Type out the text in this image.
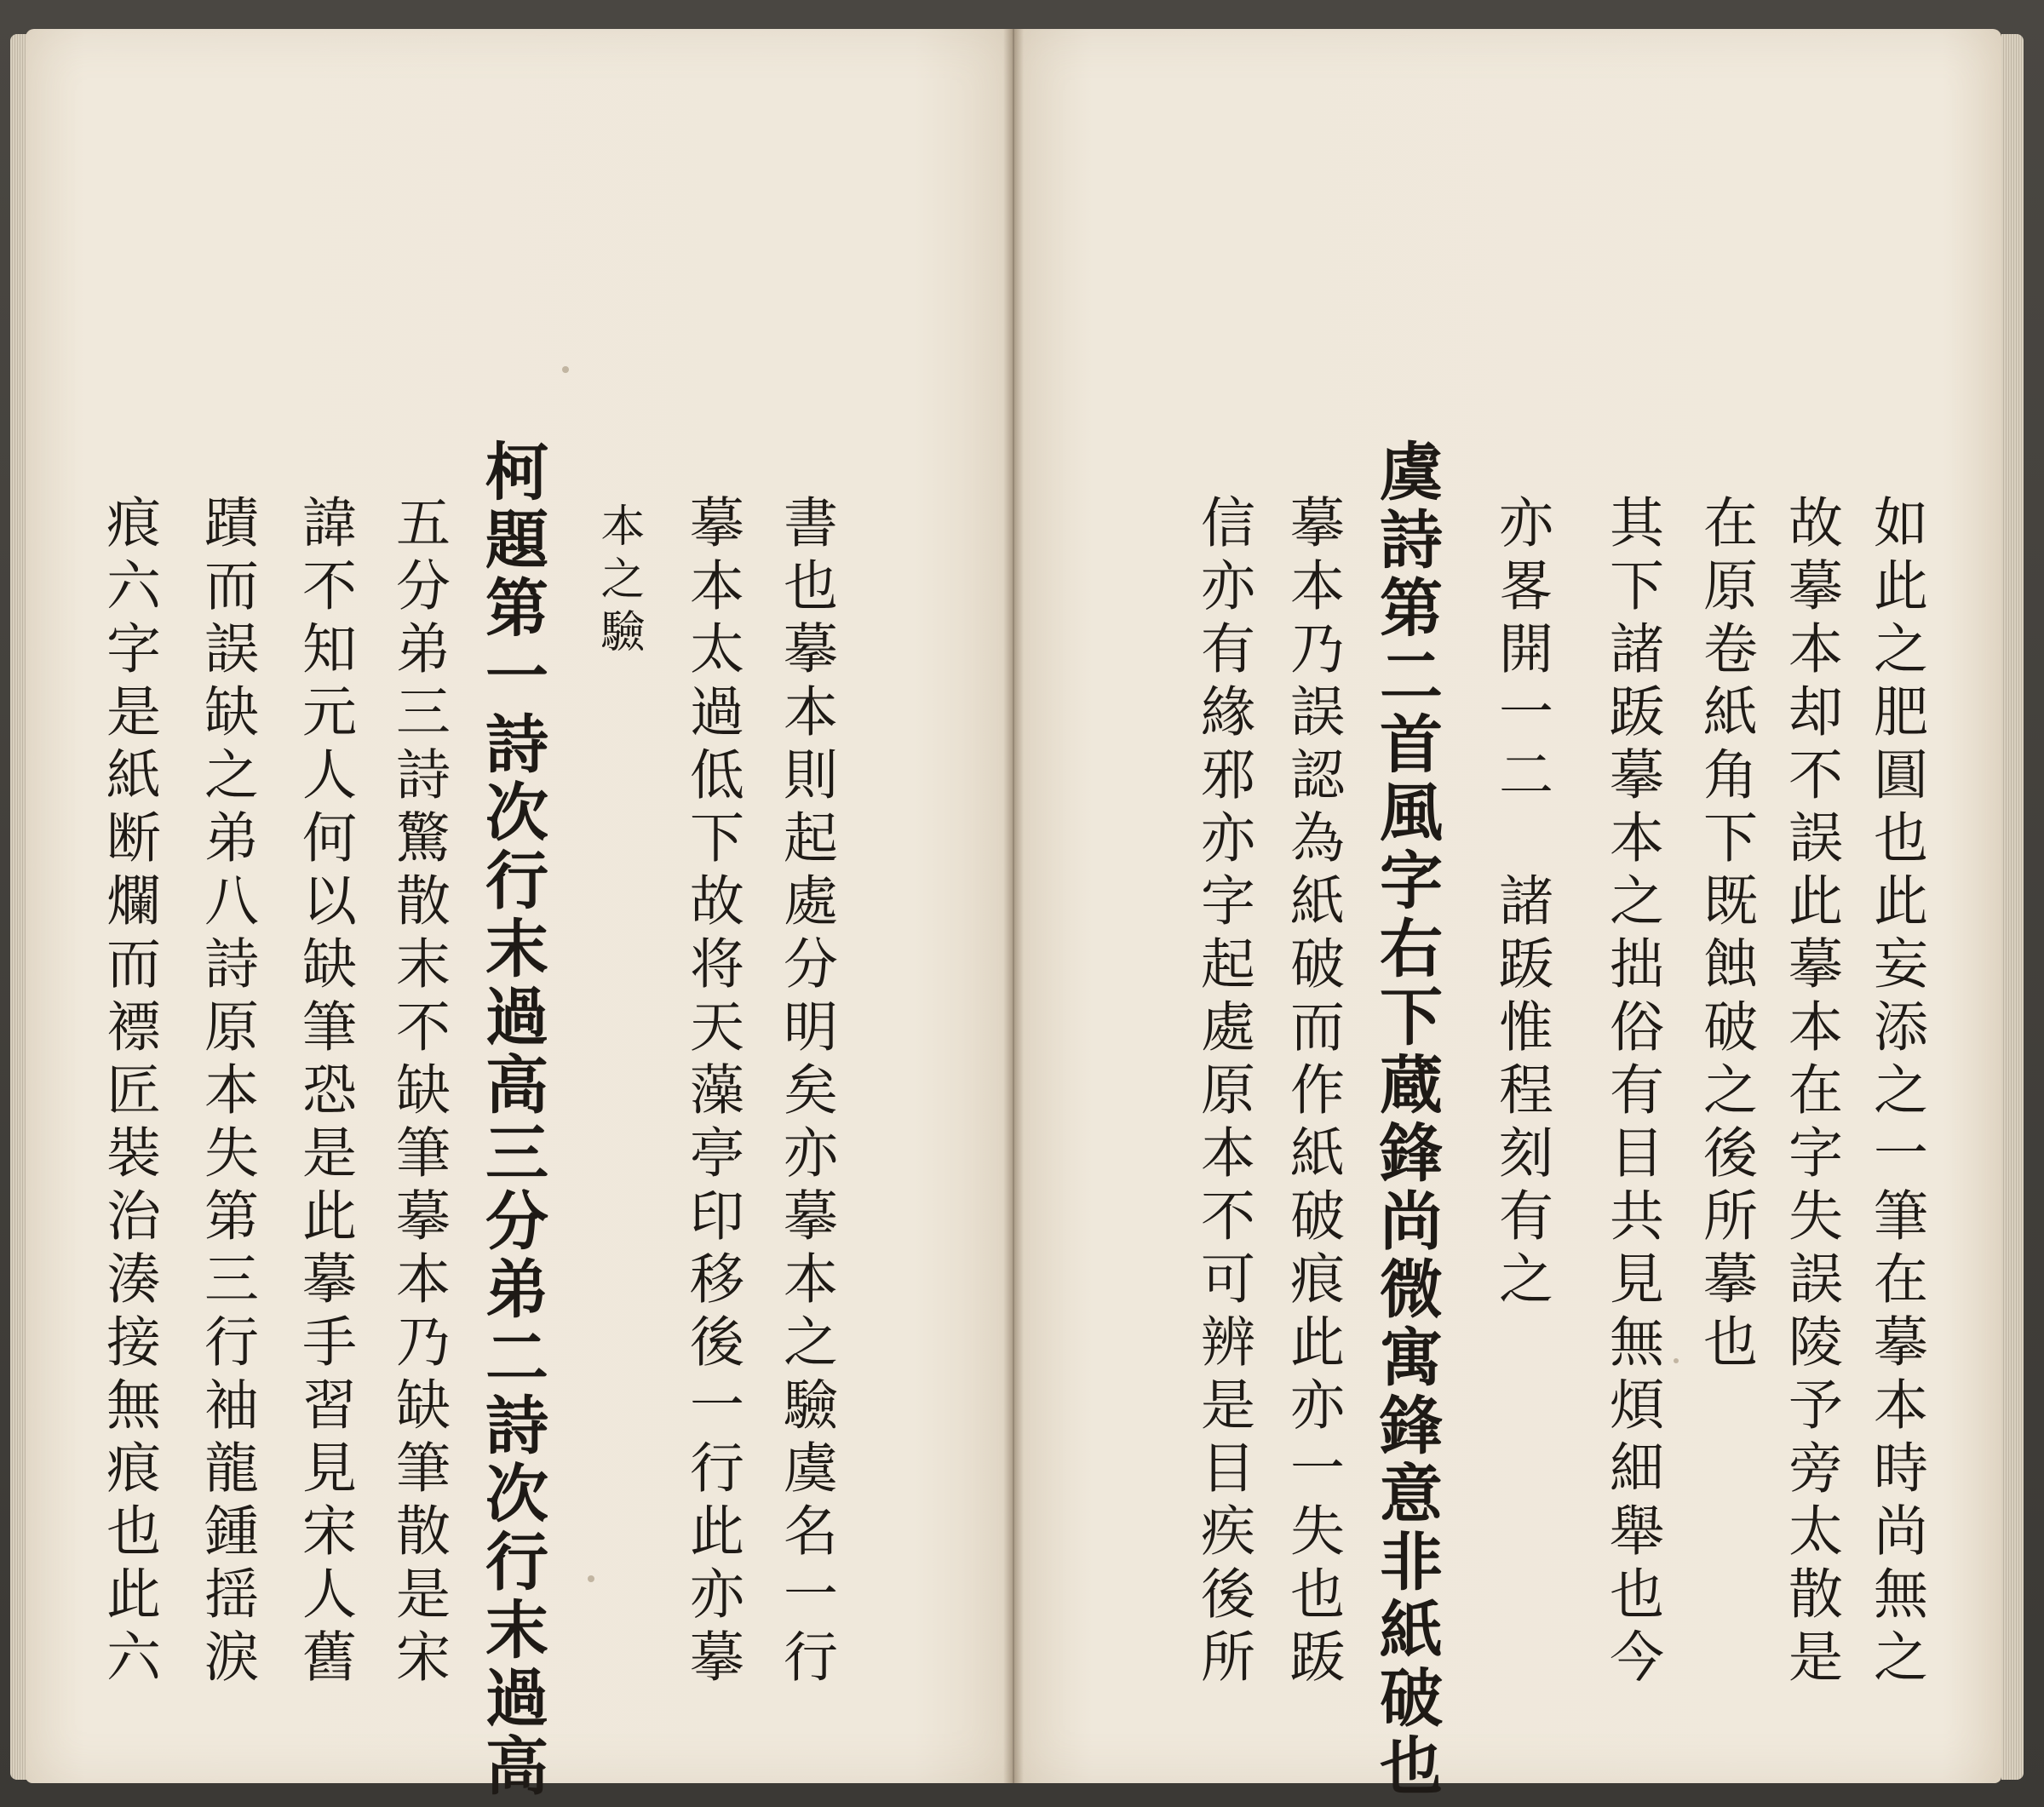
如此之肥圓也此妄添之一筆在摹本時尚無之
故摹本却不誤此摹本在字失誤陵予旁太散是
在原卷紙角下既蝕破之後所摹也
其下諸䟦摹本之拙俗有目共見無煩細舉也今
亦畧開一二　諸䟦惟程刻有之
虞詩第二首風字右下蔵鋒尚微寓鋒意非紙破也
摹本乃誤認為紙破而作紙破痕此亦一失也䟦
信亦有緣邪亦字起處原本不可辨是目疾後所
書也摹本則起處分明矣亦摹本之驗虞名一行
摹本太過低下故将天藻亭印移後一行此亦摹
本之驗
柯題第一詩次行末過高三分弟二詩次行末過高
五分弟三詩驚散末不缺筆摹本乃缺筆散是宋
諱不知元人何以缺筆恐是此摹手習見宋人舊
蹟而誤缺之弟八詩原本失第三行袖龍鍾揺淚
痕六字是紙断爛而褾匠裝治湊接無痕也此六
